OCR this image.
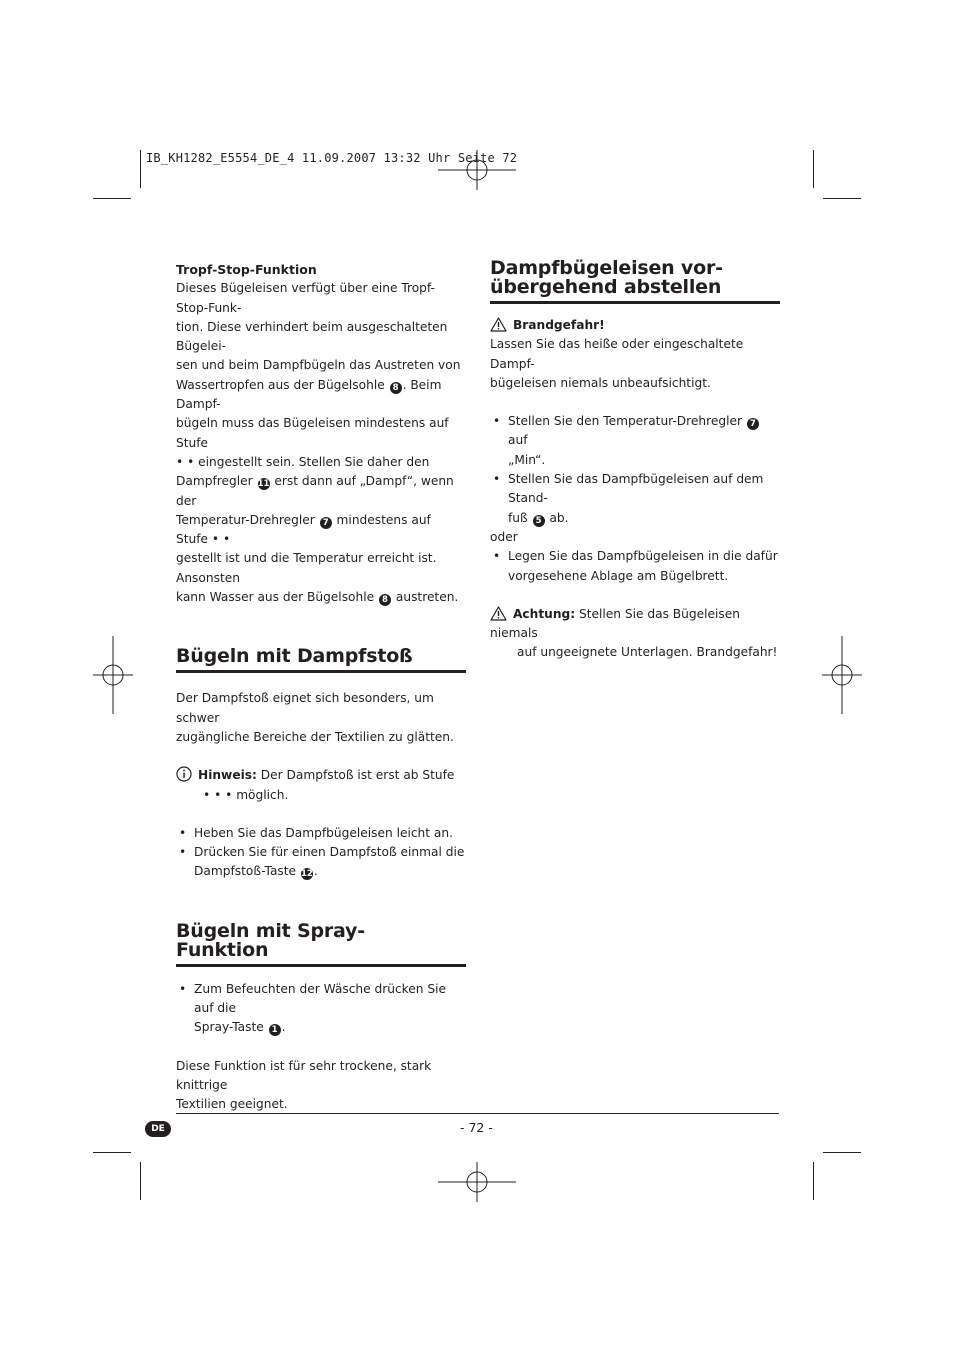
IB_KH1282_E5554_DE_4 11.09.2007 13:32 Uhr Seite 72

Tropf-Stop-Funktion

Dieses Bügeleisen verfügt über eine Tropf-Stop-Funk-

tion. Diese verhindert beim ausgeschalteten Bügelei-

sen und beim Dampfbügeln das Austreten von

Wassertropfen aus der Bügelsohle 8 . Beim Dampf-

bügeln muss das Bügeleisen mindestens auf Stufe

• • eingestellt sein. Stellen Sie daher den

Dampfregler 11 erst dann auf „Dampf“, wenn der

Temperatur-Drehregler 7 mindestens auf Stufe • •

gestellt ist und die Temperatur erreicht ist. Ansonsten

kann Wasser aus der Bügelsohle 8 austreten.

Bügeln mit Dampfstoß

Der Dampfstoß eignet sich besonders, um schwer

zugängliche Bereiche der Textilien zu glätten.

Hinweis: Der Dampfstoß ist erst ab Stufe

• • • möglich.

• Heben Sie das Dampfbügeleisen leicht an.

• Drücken Sie für einen Dampfstoß einmal die

Dampfstoß-Taste 12.

Bügeln mit Spray-
Funktion

• Zum Befeuchten der Wäsche drücken Sie auf die

Spray-Taste 1 .

Diese Funktion ist für sehr trockene, stark knittrige

Textilien geeignet.

Dampfbügeleisen vor-
übergehend abstellen

Brandgefahr!

Lassen Sie das heiße oder eingeschaltete Dampf-

bügeleisen niemals unbeaufsichtigt.

• Stellen Sie den Temperatur-Drehregler 7 auf

„Min“.

• Stellen Sie das Dampfbügeleisen auf dem Stand-

fuß 5 ab.

oder

• Legen Sie das Dampfbügeleisen in die dafür

vorgesehene Ablage am Bügelbrett.

Achtung: Stellen Sie das Bügeleisen niemals

auf ungeeignete Unterlagen. Brandgefahr!

DE	- 72 -
